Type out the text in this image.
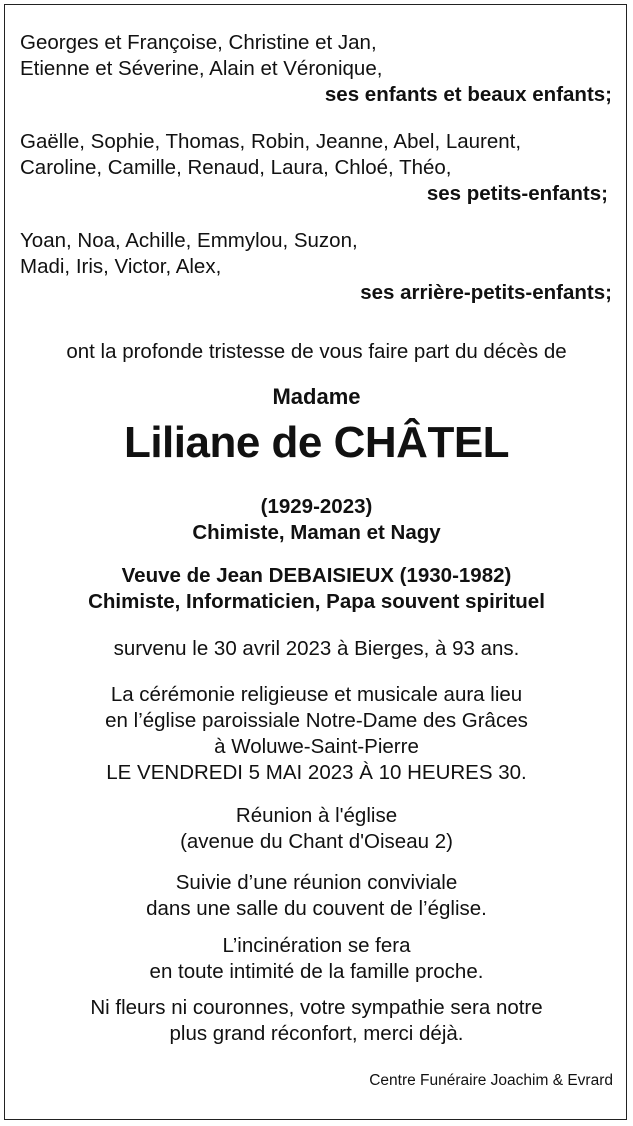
Georges et Françoise, Christine et Jan,

Etienne et Séverine, Alain et Véronique,

ses enfants et beaux enfants;

Gaëlle, Sophie, Thomas, Robin, Jeanne, Abel, Laurent,

Caroline, Camille, Renaud, Laura, Chloé, Théo,

ses petits-enfants;

Yoan, Noa, Achille, Emmylou, Suzon,

Madi, Iris, Victor, Alex,

ses arrière-petits-enfants;

ont la profonde tristesse de vous faire part du décès de

Madame

Liliane de CHÂTEL

(1929-2023)

Chimiste, Maman et Nagy

Veuve de Jean DEBAISIEUX (1930-1982)

Chimiste, Informaticien, Papa souvent spirituel

survenu le 30 avril 2023 à Bierges, à 93 ans.

La cérémonie religieuse et musicale aura lieu

en l’église paroissiale Notre-Dame des Grâces

à Woluwe-Saint-Pierre

LE VENDREDI 5 MAI 2023 À 10 HEURES 30.

Réunion à l'église

(avenue du Chant d'Oiseau 2)

Suivie d’une réunion conviviale

dans une salle du couvent de l’église.

L’incinération se fera

en toute intimité de la famille proche.

Ni fleurs ni couronnes, votre sympathie sera notre

plus grand réconfort, merci déjà.

Centre Funéraire Joachim & Evrard
